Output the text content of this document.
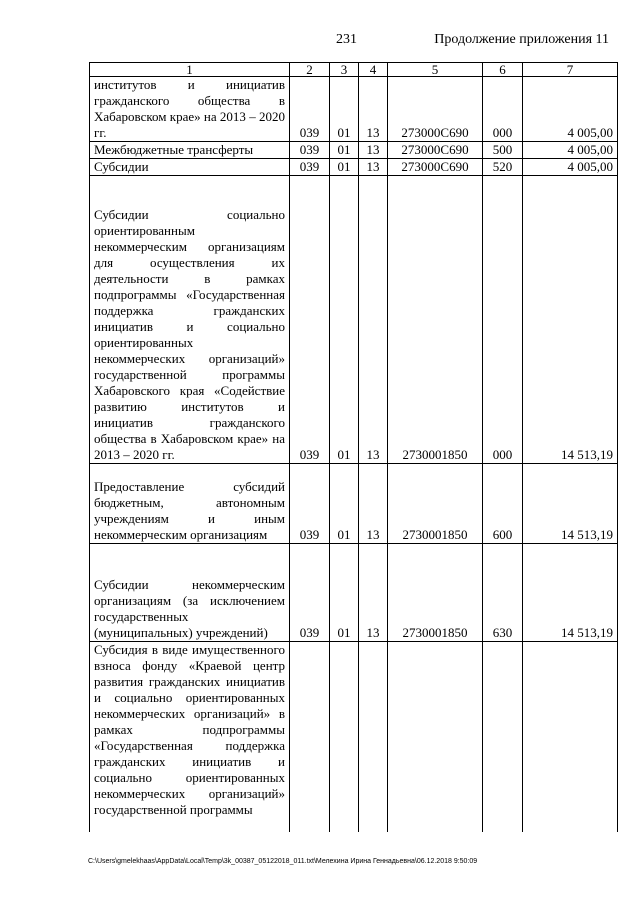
231	Продолжение приложения 11
1	2	3	4	5	6	7
институтов и инициатив гражданского общества в Хабаровском крае» на 2013 – 2020 гг.	039	01	13	273000С690	000	4 005,00
Межбюджетные трансферты	039	01	13	273000С690	500	4 005,00
Субсидии	039	01	13	273000С690	520	4 005,00
Субсидии социально ориентированным некоммерческим организациям для осуществления их деятельности в рамках подпрограммы «Государственная поддержка гражданских инициатив и социально ориентированных некоммерческих организаций» государственной программы Хабаровского края «Содействие развитию институтов и инициатив гражданского общества в Хабаровском крае» на 2013 – 2020 гг.	039	01	13	2730001850	000	14 513,19
Предоставление субсидий бюджетным, автономным учреждениям и иным некоммерческим организациям	039	01	13	2730001850	600	14 513,19
Субсидии некоммерческим организациям (за исключением государственных (муниципальных) учреждений)	039	01	13	2730001850	630	14 513,19
Субсидия в виде имущественного взноса фонду «Краевой центр развития гражданских инициатив и социально ориентированных некоммерческих организаций» в рамках подпрограммы «Государственная поддержка гражданских инициатив и социально ориентированных некоммерческих организаций» государственной программы						
C:\Users\gmelekhaas\AppData\Local\Temp\3k_00387_05122018_011.txt\Мелехина Ирина Геннадьевна\06.12.2018 9:50:09
